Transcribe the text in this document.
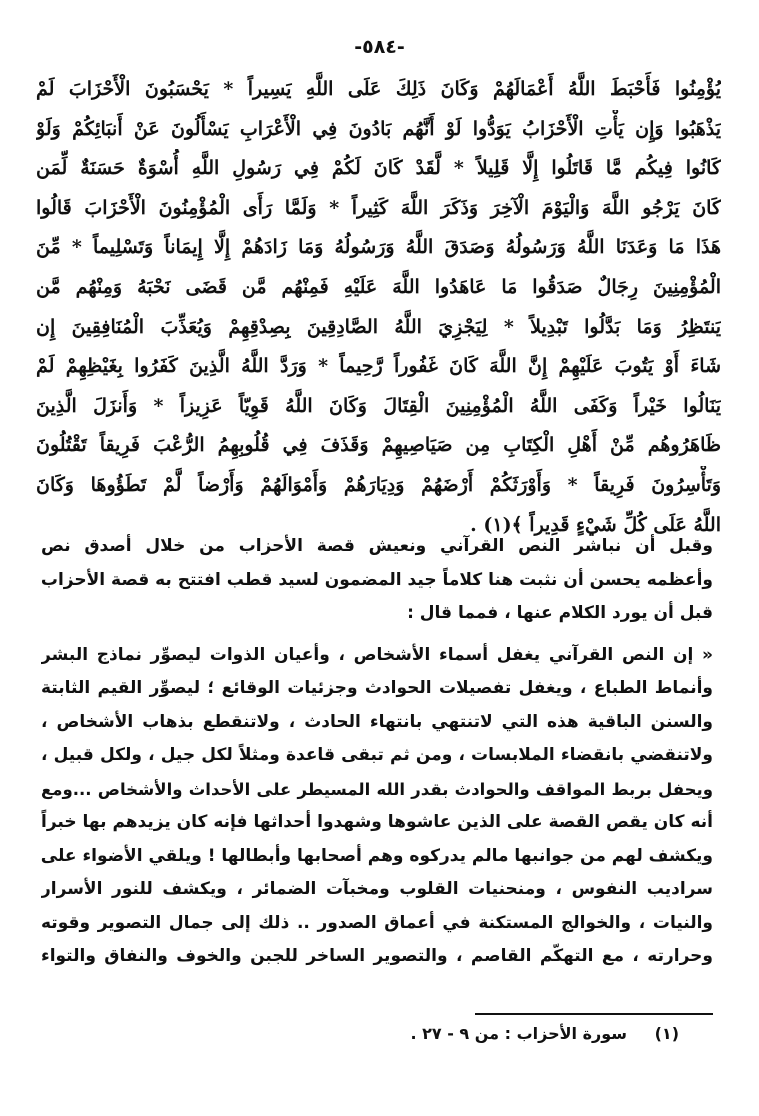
-٥٨٤-
يُؤْمِنُوا فَأَحْبَطَ اللَّهُ أَعْمَالَهُمْ وَكَانَ ذَلِكَ عَلَى اللَّهِ يَسِيراً * يَحْسَبُونَ الْأَحْزَابَ لَمْ
يَذْهَبُوا وَإِن يَأْتِ الْأَحْزَابُ يَوَدُّوا لَوْ أَنَّهُم بَادُونَ فِي الْأَعْرَابِ يَسْأَلُونَ عَنْ أَنبَائِكُمْ وَلَوْ
كَانُوا فِيكُم مَّا قَاتَلُوا إِلَّا قَلِيلاً * لَّقَدْ كَانَ لَكُمْ فِي رَسُولِ اللَّهِ أُسْوَةٌ حَسَنَةٌ لِّمَن
كَانَ يَرْجُو اللَّهَ وَالْيَوْمَ الْآخِرَ وَذَكَرَ اللَّهَ كَثِيراً * وَلَمَّا رَأَى الْمُؤْمِنُونَ الْأَحْزَابَ قَالُوا
هَذَا مَا وَعَدَنَا اللَّهُ وَرَسُولُهُ وَصَدَقَ اللَّهُ وَرَسُولُهُ وَمَا زَادَهُمْ إِلَّا إِيمَاناً وَتَسْلِيماً * مِّنَ
الْمُؤْمِنِينَ رِجَالٌ صَدَقُوا مَا عَاهَدُوا اللَّهَ عَلَيْهِ فَمِنْهُم مَّن قَضَى نَحْبَهُ وَمِنْهُم مَّن
يَنتَظِرُ وَمَا بَدَّلُوا تَبْدِيلاً * لِيَجْزِيَ اللَّهُ الصَّادِقِينَ بِصِدْقِهِمْ وَيُعَذِّبَ الْمُنَافِقِينَ إِن
شَاءَ أَوْ يَتُوبَ عَلَيْهِمْ إِنَّ اللَّهَ كَانَ غَفُوراً رَّحِيماً * وَرَدَّ اللَّهُ الَّذِينَ كَفَرُوا بِغَيْظِهِمْ لَمْ
يَنَالُوا خَيْراً وَكَفَى اللَّهُ الْمُؤْمِنِينَ الْقِتَالَ وَكَانَ اللَّهُ قَوِيّاً عَزِيزاً * وَأَنزَلَ الَّذِينَ
ظَاهَرُوهُم مِّنْ أَهْلِ الْكِتَابِ مِن صَيَاصِيهِمْ وَقَذَفَ فِي قُلُوبِهِمُ الرُّعْبَ فَرِيقاً تَقْتُلُونَ
وَتَأْسِرُونَ فَرِيقاً * وَأَوْرَثَكُمْ أَرْضَهُمْ وَدِيَارَهُمْ وَأَمْوَالَهُمْ وَأَرْضاً لَّمْ تَطَؤُوهَا وَكَانَ
اللَّهُ عَلَى كُلِّ شَيْءٍ قَدِيراً ﴾(١) .
وقبل أن نباشر النص القرآني ونعيش قصة الأحزاب من خلال أصدق نص
وأعظمه يحسن أن نثبت هنا كلاماً جيد المضمون لسيد قطب افتتح به قصة الأحزاب
قبل أن يورد الكلام عنها ، فمما قال :
« إن النص القرآني يغفل أسماء الأشخاص ، وأعيان الذوات ليصوِّر نماذج البشر
وأنماط الطباع ، ويغفل تفصيلات الحوادث وجزئيات الوقائع ؛ ليصوِّر القيم الثابتة
والسنن الباقية هذه التي لاتنتهي بانتهاء الحادث ، ولاتنقطع بذهاب الأشخاص ،
ولاتنقضي بانقضاء الملابسات ، ومن ثم تبقى قاعدة ومثلاً لكل جيل ، ولكل قبيل ،
ويحفل بربط المواقف والحوادث بقدر الله المسيطر على الأحداث والأشخاص ...ومع
أنه كان يقص القصة على الذين عاشوها وشهدوا أحداثها فإنه كان يزيدهم بها خبراً
ويكشف لهم من جوانبها مالم يدركوه وهم أصحابها وأبطالها ! ويلقي الأضواء على
سراديب النفوس ، ومنحنيات القلوب ومخبآت الضمائر ، ويكشف للنور الأسرار
والنيات ، والخوالج المستكنة في أعماق الصدور .. ذلك إلى جمال التصوير وقوته
وحرارته ، مع التهكّم القاصم ، والتصوير الساخر للجبن والخوف والنفاق والتواء
(١) سورة الأحزاب : من ٩ - ٢٧ .
